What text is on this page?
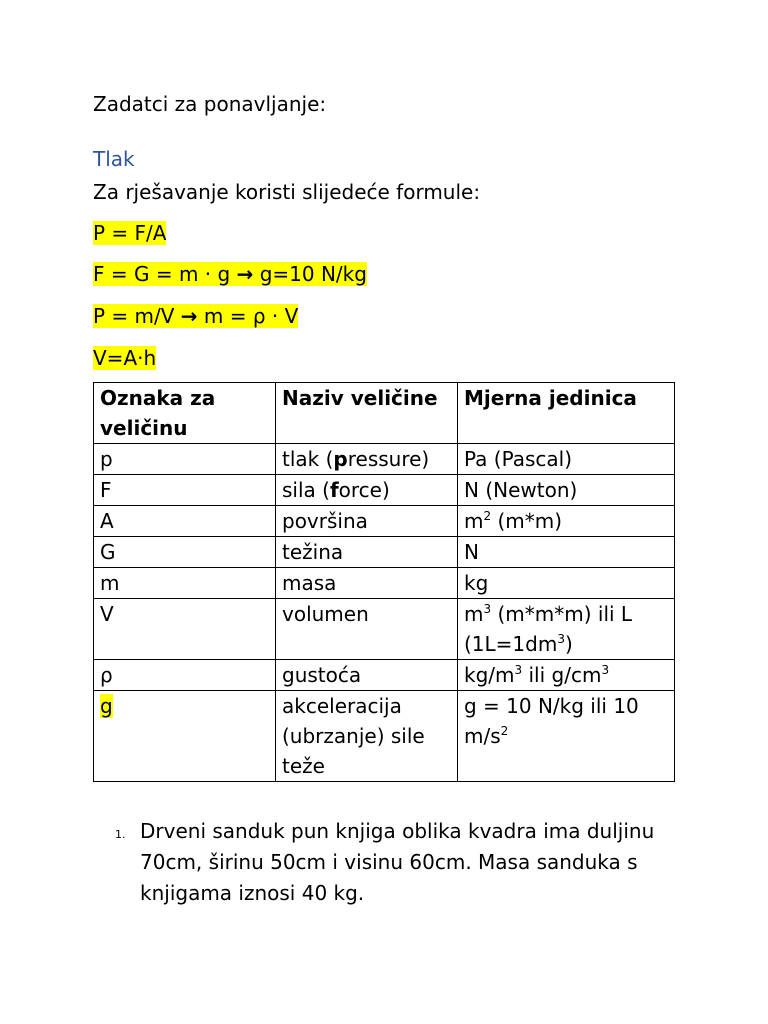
Zadatci za ponavljanje:
Tlak
Za rješavanje koristi slijedeće formule:
P = F/A
F = G = m · g → g=10 N/kg
P = m/V → m = ρ · V
V=A·h
Oznaka za veličinu	Naziv veličine	Mjerna jedinica
p	tlak (pressure)	Pa (Pascal)
F	sila (force)	N (Newton)
A	površina	$m^2$ (m*m)
G	težina	N
m	masa	kg
V	volumen	$m^3$ (m*m*m) ili L $(1L=1dm^3)$
ρ	gustoća	$kg/m^3$ ili $g/cm^3$
g	akceleracija (ubrzanje) sile teže	g = 10 N/kg ili 10 $m/s^2$
1. Drveni sanduk pun knjiga oblika kvadra ima duljinu 70cm, širinu 50cm i visinu 60cm. Masa sanduka s knjigama iznosi 40 kg.
